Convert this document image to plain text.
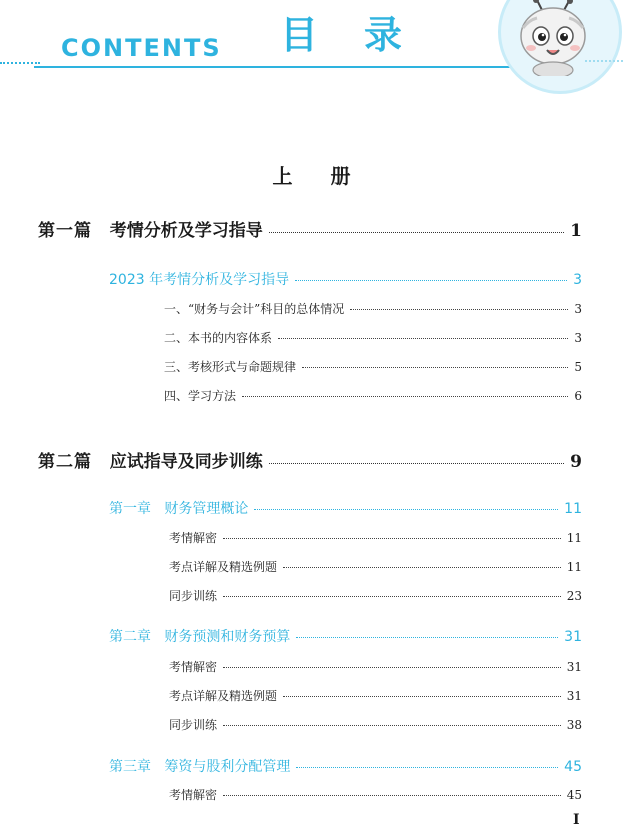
CONTENTS 目录
上册
第一篇 考情分析及学习指导	1
2023 年考情分析及学习指导	3
一、“财务与会计”科目的总体情况	3
二、本书的内容体系	3
三、考核形式与命题规律	5
四、学习方法	6
第二篇 应试指导及同步训练	9
第一章 财务管理概论	11
考情解密	11
考点详解及精选例题	11
同步训练	23
第二章 财务预测和财务预算	31
考情解密	31
考点详解及精选例题	31
同步训练	38
第三章 筹资与股利分配管理	45
考情解密	45
I
